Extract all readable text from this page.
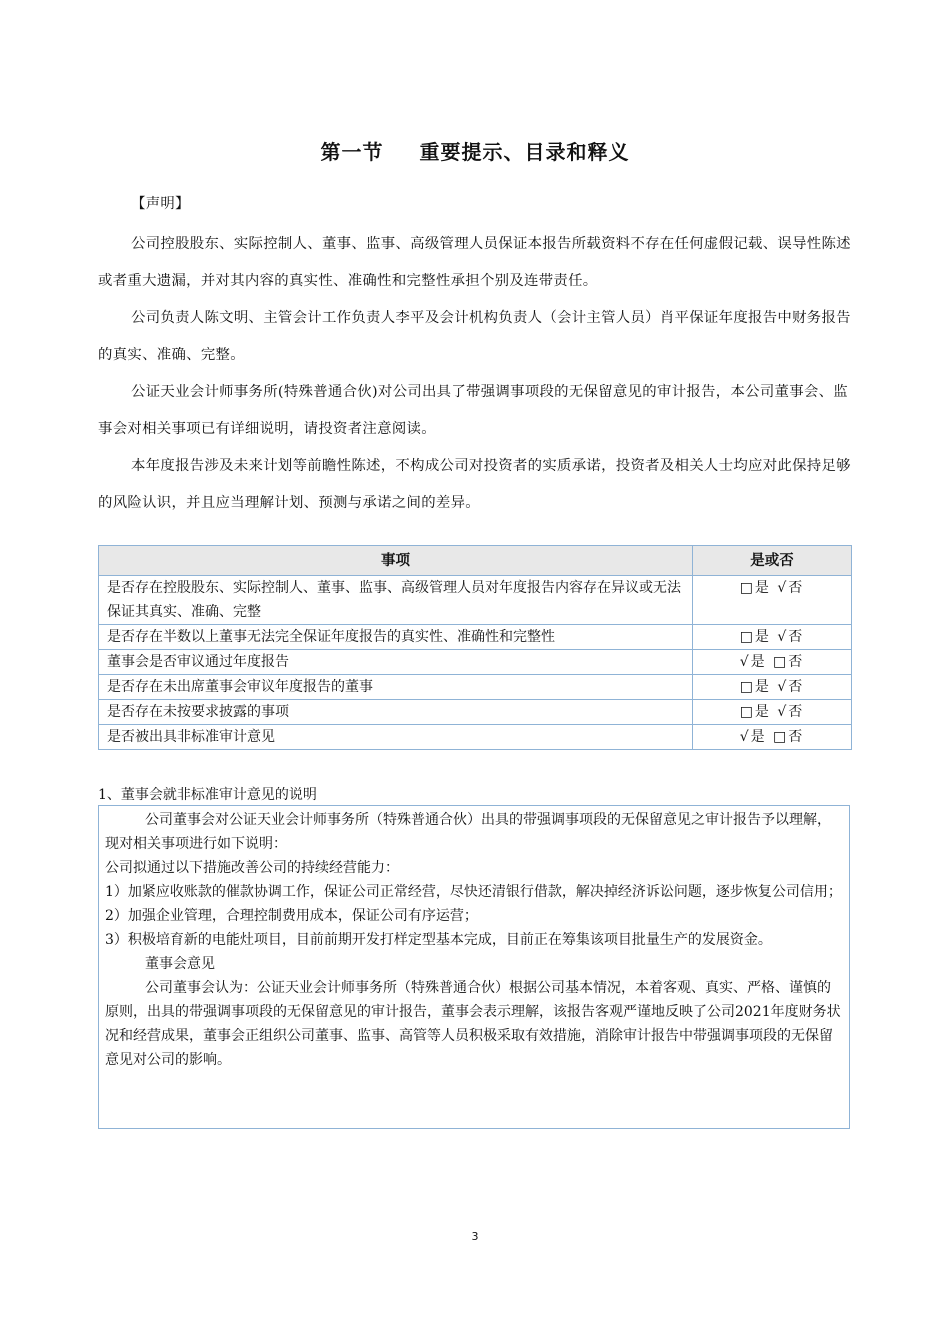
第一节 重要提示、目录和释义
【声明】
公司控股股东、实际控制人、董事、监事、高级管理人员保证本报告所载资料不存在任何虚假记载、误导性陈述或者重大遗漏，并对其内容的真实性、准确性和完整性承担个别及连带责任。
公司负责人陈文明、主管会计工作负责人李平及会计机构负责人（会计主管人员）肖平保证年度报告中财务报告的真实、准确、完整。
公证天业会计师事务所(特殊普通合伙)对公司出具了带强调事项段的无保留意见的审计报告，本公司董事会、监事会对相关事项已有详细说明，请投资者注意阅读。
本年度报告涉及未来计划等前瞻性陈述，不构成公司对投资者的实质承诺，投资者及相关人士均应对此保持足够的风险认识，并且应当理解计划、预测与承诺之间的差异。
事项	是或否
是否存在控股股东、实际控制人、董事、监事、高级管理人员对年度报告内容存在异议或无法保证其真实、准确、完整	□是 √否
是否存在半数以上董事无法完全保证年度报告的真实性、准确性和完整性	□是 √否
董事会是否审议通过年度报告	√是 □否
是否存在未出席董事会审议年度报告的董事	□是 √否
是否存在未按要求披露的事项	□是 √否
是否被出具非标准审计意见	√是 □否
1、董事会就非标准审计意见的说明

公司董事会对公证天业会计师事务所（特殊普通合伙）出具的带强调事项段的无保留意见之审计报告予以理解，现对相关事项进行如下说明：

公司拟通过以下措施改善公司的持续经营能力：

1）加紧应收账款的催款协调工作，保证公司正常经营，尽快还清银行借款，解决掉经济诉讼问题，逐步恢复公司信用；

2）加强企业管理，合理控制费用成本，保证公司有序运营；

3）积极培育新的电能灶项目，目前前期开发打样定型基本完成，目前正在筹集该项目批量生产的发展资金。

董事会意见

公司董事会认为：公证天业会计师事务所（特殊普通合伙）根据公司基本情况，本着客观、真实、严格、谨慎的原则，出具的带强调事项段的无保留意见的审计报告，董事会表示理解，该报告客观严谨地反映了公司2021年度财务状况和经营成果，董事会正组织公司董事、监事、高管等人员积极采取有效措施，消除审计报告中带强调事项段的无保留意见对公司的影响。

3
